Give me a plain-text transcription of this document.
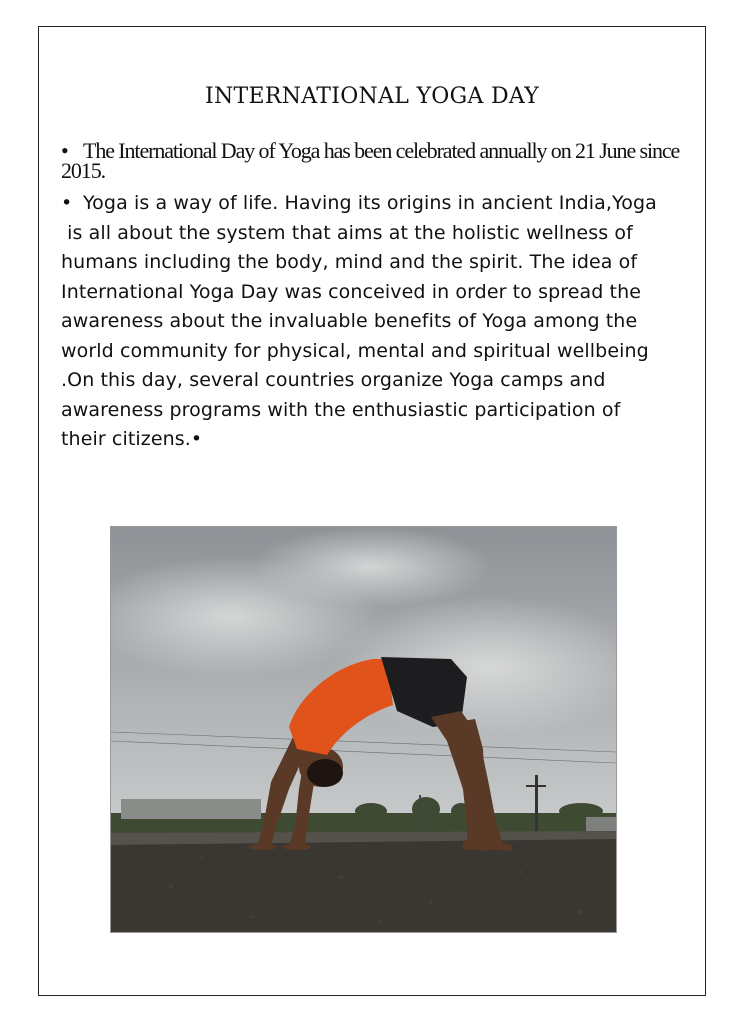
INTERNATIONAL YOGA DAY
• The International Day of Yoga has been celebrated annually on 21 June since 2015.
• Yoga is a way of life. Having its origins in ancient India,Yoga
is all about the system that aims at the holistic wellness of
humans including the body, mind and the spirit. The idea of
International Yoga Day was conceived in order to spread the
awareness about the invaluable benefits of Yoga among the
world community for physical, mental and spiritual wellbeing
.On this day, several countries organize Yoga camps and
awareness programs with the enthusiastic participation of
their citizens.•
